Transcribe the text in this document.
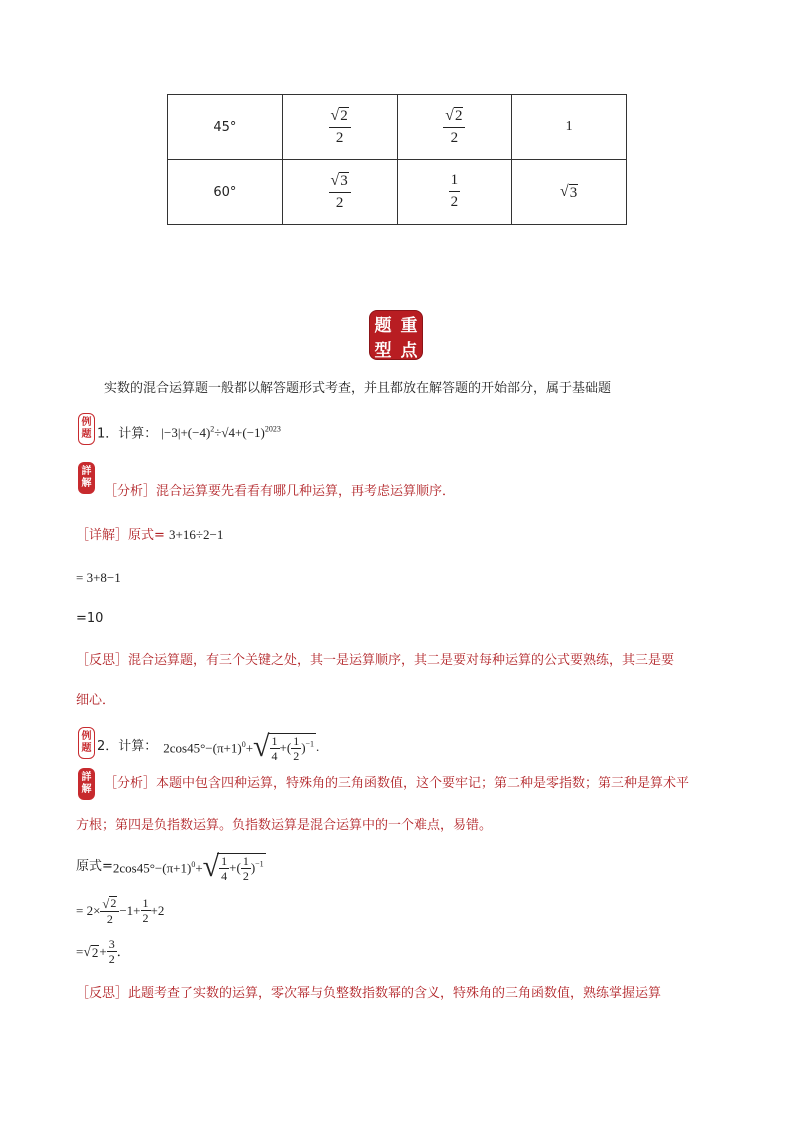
45°	$\frac{√ 2}{2}$	$\frac{√ 2}{2}$	1
60°	$\frac{√ 3}{2}$	$\frac{1}{2}$	√ 3
题 重
型 点
实数的混合运算题一般都以解答题形式考查，并且都放在解答题的开始部分，属于基础题
例
题 1．计算： $|-3|+(-4)^2\div√4+(-1)^{2023}$
詳
解
［分析］混合运算要先看看有哪几种运算，再考虑运算顺序．
［详解］原式= 3+16÷2−1
= 3+8−1
=10
［反思］混合运算题，有三个关键之处，其一是运算顺序，其二是要对每种运算的公式要熟练，其三是要
细心．
例
题 2．计算： $2\cos 45^\circ-(\pi+1)^0+$ √ $\frac{1}{4}$ +( $\frac{1}{2} )^{-1}$ .
詳
解 ［分析］本题中包含四种运算，特殊角的三角函数值，这个要牢记；第二种是零指数；第三种是算术平
方根；第四是负指数运算。负指数运算是混合运算中的一个难点，易错。
原式= $2\cos 45^\circ-(\pi+1)^0+$ √ $\frac{1}{4}$ +( $\frac{1}{2} )^{-1}$
= $2\times \frac{√ 2}{2} -1+ \frac{1}{2} +2$
= √ $2 + \frac{3}{2}$ ．
［反思］此题考查了实数的运算，零次幂与负整数指数幂的含义，特殊角的三角函数值，熟练掌握运算
